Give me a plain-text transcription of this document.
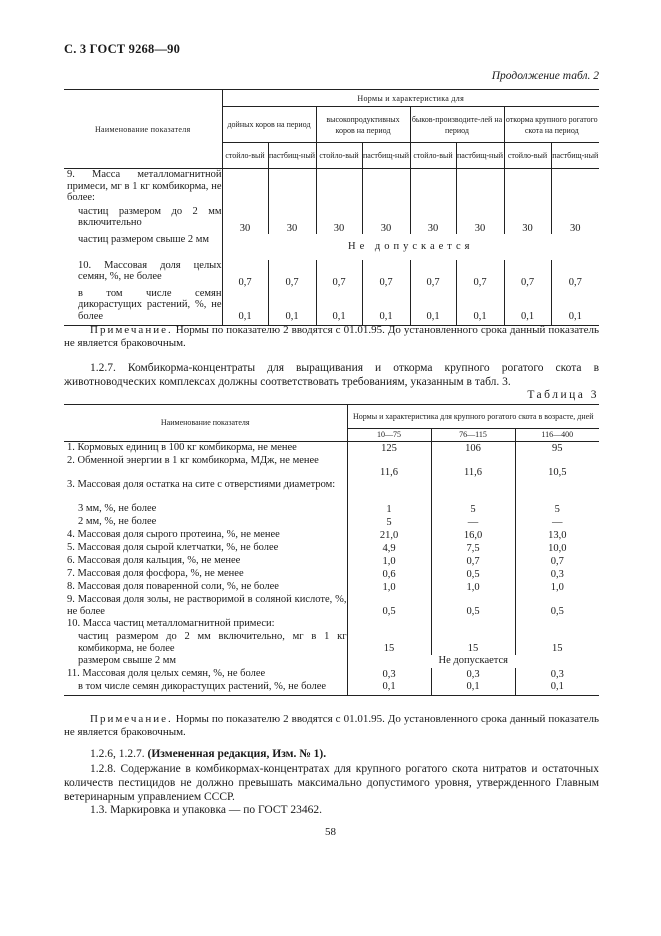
С. 3 ГОСТ 9268—90
Продолжение табл. 2
Наименование показателя	Нормы и характеристика для							
	дойных коров на период		высокопродуктивных коров на период		быков-производите-лей на период		откорма крупного рогатого скота на период	
	стойло-вый	пастбищ-ный	стойло-вый	пастбищ-ный	стойло-вый	пастбищ-ный	стойло-вый	пастбищ-ный
9. Масса металломагнитной примеси, мг в 1 кг комбикорма, не более:								
частиц размером до 2 мм включительно	30	30	30	30	30	30	30	30
частиц размером свыше 2 мм	Не допускается							
10. Массовая доля целых семян, %, не более	0,7	0,7	0,7	0,7	0,7	0,7	0,7	0,7
в том числе семян дикорастущих растений, %, не более	0,1	0,1	0,1	0,1	0,1	0,1	0,1	0,1
Примечание. Нормы по показателю 2 вводятся с 01.01.95. До установленного срока данный показатель не является браковочным.
1.2.7. Комбикорма-концентраты для выращивания и откорма крупного рогатого скота в животноводческих комплексах должны соответствовать требованиям, указанным в табл. 3.
Таблица 3
Наименование показателя	Нормы и характеристика для крупного рогатого скота в возрасте, дней		
	10—75	76—115	116—400
1. Кормовых единиц в 100 кг комбикорма, не менее	125	106	95
2. Обменной энергии в 1 кг комбикорма, МДж, не менее	11,6	11,6	10,5
3. Массовая доля остатка на сите с отверстиями диаметром:			
3 мм, %, не более	1	5	5
2 мм, %, не более	5	—	—
4. Массовая доля сырого протеина, %, не менее	21,0	16,0	13,0
5. Массовая доля сырой клетчатки, %, не более	4,9	7,5	10,0
6. Массовая доля кальция, %, не менее	1,0	0,7	0,7
7. Массовая доля фосфора, %, не менее	0,6	0,5	0,3
8. Массовая доля поваренной соли, %, не более	1,0	1,0	1,0
9. Массовая доля золы, не растворимой в соляной кислоте, %, не более	0,5	0,5	0,5
10. Масса частиц металломагнитной примеси:			
частиц размером до 2 мм включительно, мг в 1 кг комбикорма, не более	15	15	15
размером свыше 2 мм	Не допускается		
11. Массовая доля целых семян, %, не более	0,3	0,3	0,3
в том числе семян дикорастущих растений, %, не более	0,1	0,1	0,1
Примечание. Нормы по показателю 2 вводятся с 01.01.95. До установленного срока данный показатель не является браковочным.
1.2.6, 1.2.7. (Измененная редакция, Изм. № 1).
1.2.8. Содержание в комбикормах-концентратах для крупного рогатого скота нитратов и остаточных количеств пестицидов не должно превышать максимально допустимого уровня, утвержденного Главным ветеринарным управлением СССР.
1.3. Маркировка и упаковка — по ГОСТ 23462.
58
